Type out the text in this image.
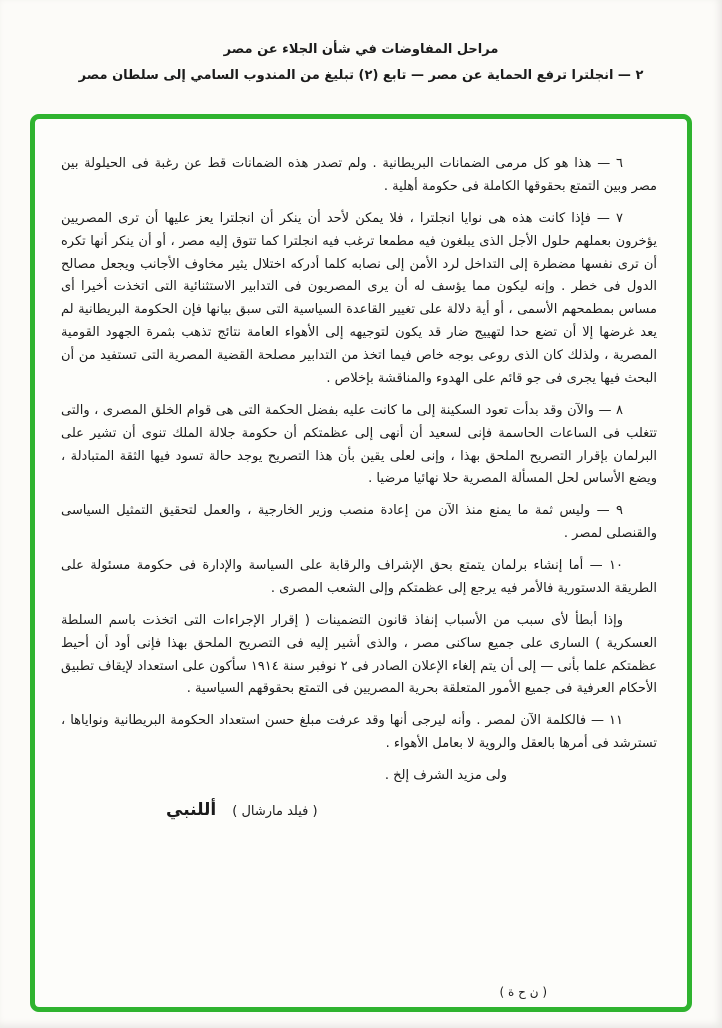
مراحل المفاوضات في شأن الجلاء عن مصر
٢ — انجلترا ترفع الحماية عن مصر — تابع (٢) تبليغ من المندوب السامي إلى سلطان مصر

٦ — هذا هو كل مرمى الضمانات البريطانية . ولم تصدر هذه الضمانات قط عن رغبة فى الحيلولة بين مصر وبين التمتع بحقوقها الكاملة فى حكومة أهلية .

٧ — فإذا كانت هذه هى نوايا انجلترا ، فلا يمكن لأحد أن ينكر أن انجلترا يعز عليها أن ترى المصريين يؤخرون بعملهم حلول الأجل الذى يبلغون فيه مطمعا ترغب فيه انجلترا كما تتوق إليه مصر ، أو أن ينكر أنها تكره أن ترى نفسها مضطرة إلى التداخل لرد الأمن إلى نصابه كلما أدركه اختلال يثير مخاوف الأجانب ويجعل مصالح الدول فى خطر . وإنه ليكون مما يؤسف له أن يرى المصريون فى التدابير الاستثنائية التى اتخذت أخيرا أى مساس بمطمحهم الأسمى ، أو أية دلالة على تغيير القاعدة السياسية التى سبق بيانها فإن الحكومة البريطانية لم يعد غرضها إلا أن تضع حدا لتهييج ضار قد يكون لتوجيهه إلى الأهواء العامة نتائج تذهب بثمرة الجهود القومية المصرية ، ولذلك كان الذى روعى بوجه خاص فيما اتخذ من التدابير مصلحة القضية المصرية التى تستفيد من أن البحث فيها يجرى فى جو قائم على الهدوء والمناقشة بإخلاص .

٨ — والآن وقد بدأت تعود السكينة إلى ما كانت عليه بفضل الحكمة التى هى قوام الخلق المصرى ، والتى تتغلب فى الساعات الحاسمة فإنى لسعيد أن أنهى إلى عظمتكم أن حكومة جلالة الملك تنوى أن تشير على البرلمان بإقرار التصريح الملحق بهذا ، وإنى لعلى يقين بأن هذا التصريح يوجد حالة تسود فيها الثقة المتبادلة ، ويضع الأساس لحل المسألة المصرية حلا نهائيا مرضيا .

٩ — وليس ثمة ما يمنع منذ الآن من إعادة منصب وزير الخارجية ، والعمل لتحقيق التمثيل السياسى والقنصلى لمصر .

١٠ — أما إنشاء برلمان يتمتع بحق الإشراف والرقابة على السياسة والإدارة فى حكومة مسئولة على الطريقة الدستورية فالأمر فيه يرجع إلى عظمتكم وإلى الشعب المصرى .

وإذا أبطأ لأى سبب من الأسباب إنفاذ قانون التضمينات ( إقرار الإجراءات التى اتخذت باسم السلطة العسكرية ) السارى على جميع ساكنى مصر ، والذى أشير إليه فى التصريح الملحق بهذا فإنى أود أن أحيط عظمتكم علما بأنى — إلى أن يتم إلغاء الإعلان الصادر فى ٢ نوفبر سنة ١٩١٤ سأكون على استعداد لإيقاف تطبيق الأحكام العرفية فى جميع الأمور المتعلقة بحرية المصريين فى التمتع بحقوقهم السياسية .

١١ — فالكلمة الآن لمصر . وأنه ليرجى أنها وقد عرفت مبلغ حسن استعداد الحكومة البريطانية ونواياها ، تسترشد فى أمرها بالعقل والروية لا بعامل الأهواء .

ولى مزيد الشرف إلخ .

أللنبي ( فيلد مارشال )
( ن ح ة )
